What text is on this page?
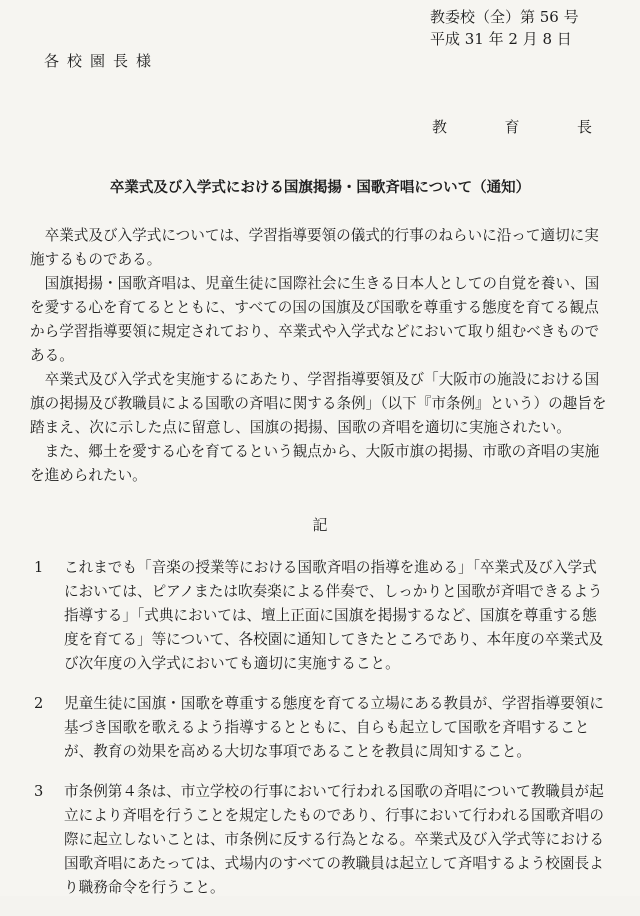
教委校（全）第 56 号
平成 31 年 2 月 8 日
各校園長様
教	育	長
卒業式及び入学式における国旗掲揚・国歌斉唱について（通知）

卒業式及び入学式については、学習指導要領の儀式的行事のねらいに沿って適切に実施するものである。

国旗掲揚・国歌斉唱は、児童生徒に国際社会に生きる日本人としての自覚を養い、国を愛する心を育てるとともに、すべての国の国旗及び国歌を尊重する態度を育てる観点から学習指導要領に規定されており、卒業式や入学式などにおいて取り組むべきものである。

卒業式及び入学式を実施するにあたり、学習指導要領及び「大阪市の施設における国旗の掲揚及び教職員による国歌の斉唱に関する条例」（以下『市条例』という）の趣旨を踏まえ、次に示した点に留意し、国旗の掲揚、国歌の斉唱を適切に実施されたい。

また、郷土を愛する心を育てるという観点から、大阪市旗の掲揚、市歌の斉唱の実施を進められたい。

記
1	これまでも「音楽の授業等における国歌斉唱の指導を進める」「卒業式及び入学式においては、ピアノまたは吹奏楽による伴奏で、しっかりと国歌が斉唱できるよう指導する」「式典においては、壇上正面に国旗を掲揚するなど、国旗を尊重する態度を育てる」等について、各校園に通知してきたところであり、本年度の卒業式及び次年度の入学式においても適切に実施すること。
2	児童生徒に国旗・国歌を尊重する態度を育てる立場にある教員が、学習指導要領に基づき国歌を歌えるよう指導するとともに、自らも起立して国歌を斉唱することが、教育の効果を高める大切な事項であることを教員に周知すること。
3	市条例第４条は、市立学校の行事において行われる国歌の斉唱について教職員が起立により斉唱を行うことを規定したものであり、行事において行われる国歌斉唱の際に起立しないことは、市条例に反する行為となる。卒業式及び入学式等における国歌斉唱にあたっては、式場内のすべての教職員は起立して斉唱するよう校園長より職務命令を行うこと。
